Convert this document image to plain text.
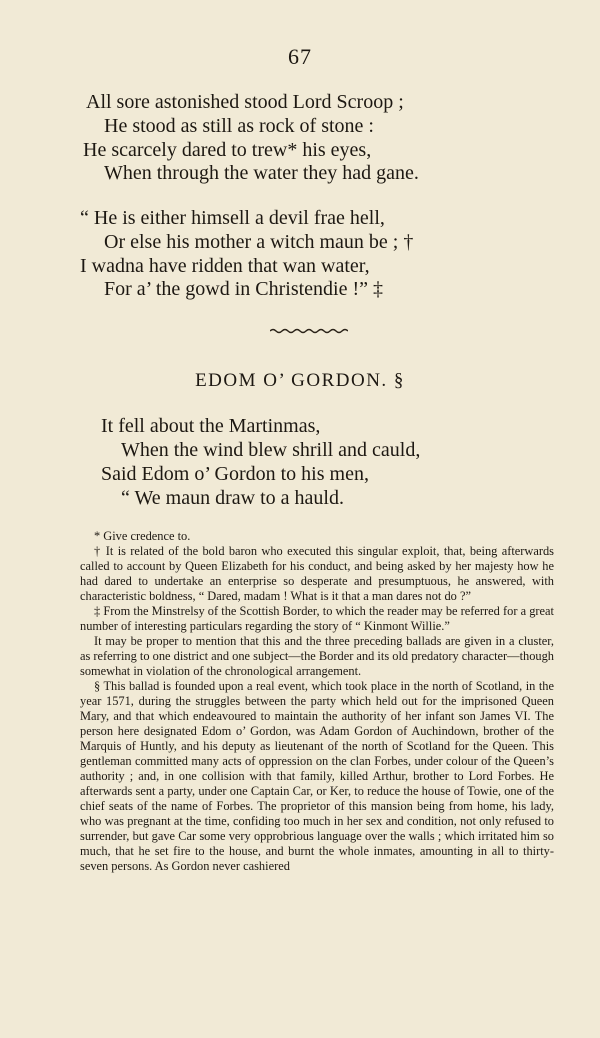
67
All sore astonished stood Lord Scroop ;
He stood as still as rock of stone :
He scarcely dared to trew* his eyes,
When through the water they had gane.
“ He is either himsell a devil frae hell,
Or else his mother a witch maun be ; †
I wadna have ridden that wan water,
For a’ the gowd in Christendie !” ‡
EDOM O’ GORDON. §
It fell about the Martinmas,
When the wind blew shrill and cauld,
Said Edom o’ Gordon to his men,
“ We maun draw to a hauld.

* Give credence to.

† It is related of the bold baron who executed this singular exploit, that, being afterwards called to account by Queen Elizabeth for his conduct, and being asked by her majesty how he had dared to undertake an enterprise so desperate and presumptuous, he answered, with characteristic boldness, “ Dared, madam ! What is it that a man dares not do ?”

‡ From the Minstrelsy of the Scottish Border, to which the reader may be referred for a great number of interesting particulars regarding the story of “ Kinmont Willie.”

It may be proper to mention that this and the three preceding ballads are given in a cluster, as referring to one district and one subject—the Border and its old predatory character—though somewhat in violation of the chronological arrangement.

§ This ballad is founded upon a real event, which took place in the north of Scotland, in the year 1571, during the struggles between the party which held out for the imprisoned Queen Mary, and that which endeavoured to maintain the authority of her infant son James VI. The person here designated Edom o’ Gordon, was Adam Gordon of Auchindown, brother of the Marquis of Huntly, and his deputy as lieutenant of the north of Scotland for the Queen. This gentleman committed many acts of oppression on the clan Forbes, under colour of the Queen’s authority ; and, in one collision with that family, killed Arthur, brother to Lord Forbes. He afterwards sent a party, under one Captain Car, or Ker, to reduce the house of Towie, one of the chief seats of the name of Forbes. The proprietor of this mansion being from home, his lady, who was pregnant at the time, confiding too much in her sex and condition, not only refused to surrender, but gave Car some very opprobrious language over the walls ; which irritated him so much, that he set fire to the house, and burnt the whole inmates, amounting in all to thirty-seven persons. As Gordon never cashiered
